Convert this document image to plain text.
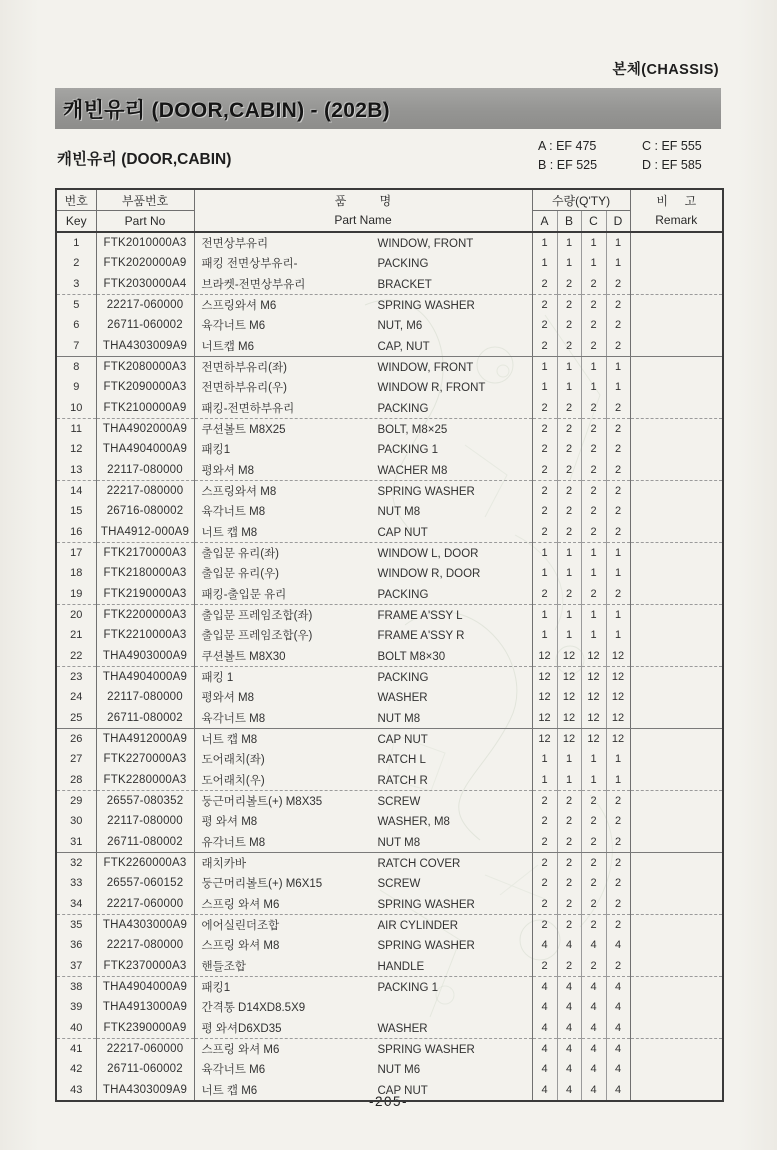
본체(CHASSIS)
캐빈유리 (DOOR,CABIN) - (202B)
캐빈유리 (DOOR,CABIN)
A : EF 475	C : EF 555
B : EF 525	D : EF 585
번호	부품번호	품          명
Part Name
	수량(Q'TY)	비     고
Remark

Key	Part No		A	B	C	D	
1	FTK2010000A3	전면상부유리 WINDOW, FRONT	1	1	1	1	
2	FTK2020000A9	패킹 전면상부유리- PACKING	1	1	1	1	
3	FTK2030000A4	브라켓-전면상부유리 BRACKET	2	2	2	2	
5	22217-060000	스프링와셔 M6 SPRING WASHER	2	2	2	2	
6	26711-060002	육각너트 M6 NUT, M6	2	2	2	2	
7	THA4303009A9	너트캡 M6 CAP, NUT	2	2	2	2	
8	FTK2080000A3	전면하부유리(좌) WINDOW, FRONT	1	1	1	1	
9	FTK2090000A3	전면하부유리(우) WINDOW R, FRONT	1	1	1	1	
10	FTK2100000A9	패킹-전면하부유리 PACKING	2	2	2	2	
11	THA4902000A9	쿠션볼트 M8X25 BOLT, M8×25	2	2	2	2	
12	THA4904000A9	패킹1 PACKING 1	2	2	2	2	
13	22117-080000	평와셔 M8 WACHER M8	2	2	2	2	
14	22217-080000	스프링와셔 M8 SPRING WASHER	2	2	2	2	
15	26716-080002	육각너트 M8 NUT M8	2	2	2	2	
16	THA4912-000A9	너트 캡 M8 CAP NUT	2	2	2	2	
17	FTK2170000A3	출입문 유리(좌) WINDOW L, DOOR	1	1	1	1	
18	FTK2180000A3	출입문 유리(우) WINDOW R, DOOR	1	1	1	1	
19	FTK2190000A3	패킹-출입문 유리 PACKING	2	2	2	2	
20	FTK2200000A3	출입문 프레임조합(좌) FRAME A'SSY L	1	1	1	1	
21	FTK2210000A3	출입문 프레임조합(우) FRAME A'SSY R	1	1	1	1	
22	THA4903000A9	쿠션볼트 M8X30 BOLT M8×30	12	12	12	12	
23	THA4904000A9	패킹 1 PACKING	12	12	12	12	
24	22117-080000	평와셔 M8 WASHER	12	12	12	12	
25	26711-080002	육각너트 M8 NUT M8	12	12	12	12	
26	THA4912000A9	너트 캡 M8 CAP NUT	12	12	12	12	
27	FTK2270000A3	도어래치(좌) RATCH L	1	1	1	1	
28	FTK2280000A3	도어래치(우) RATCH R	1	1	1	1	
29	26557-080352	둥근머리볼트(+) M8X35 SCREW	2	2	2	2	
30	22117-080000	평 와셔 M8 WASHER, M8	2	2	2	2	
31	26711-080002	유각너트 M8 NUT M8	2	2	2	2	
32	FTK2260000A3	래치카바 RATCH COVER	2	2	2	2	
33	26557-060152	둥근머리볼트(+) M6X15 SCREW	2	2	2	2	
34	22217-060000	스프링 와셔 M6 SPRING WASHER	2	2	2	2	
35	THA4303000A9	에어실린더조합 AIR CYLINDER	2	2	2	2	
36	22217-080000	스프링 와셔 M8 SPRING WASHER	4	4	4	4	
37	FTK2370000A3	핸들조합 HANDLE	2	2	2	2	
38	THA4904000A9	패킹1 PACKING 1	4	4	4	4	
39	THA4913000A9	간격통 D14XD8.5X9	4	4	4	4	
40	FTK2390000A9	평 와셔D6XD35 WASHER	4	4	4	4	
41	22217-060000	스프링 와셔 M6 SPRING WASHER	4	4	4	4	
42	26711-060002	육각너트 M6 NUT M6	4	4	4	4	
43	THA4303009A9	너트 캡 M6 CAP NUT	4	4	4	4	
-205-
